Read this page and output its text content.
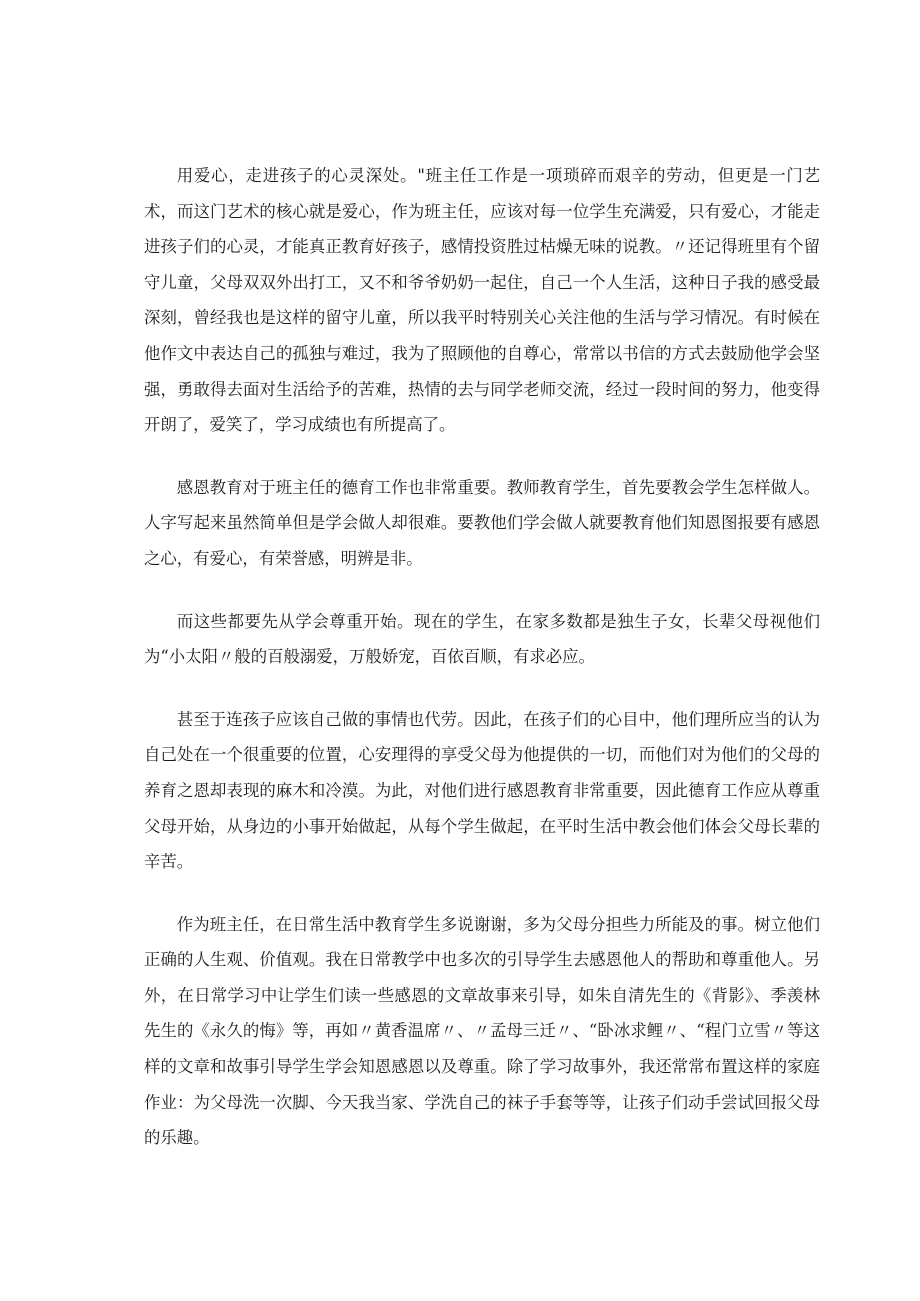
用爱心，走进孩子的心灵深处。"班主任工作是一项琐碎而艰辛的劳动，但更是一门艺术，而这门艺术的核心就是爱心，作为班主任，应该对每一位学生充满爱，只有爱心，才能走进孩子们的心灵，才能真正教育好孩子，感情投资胜过枯燥无味的说教。〃还记得班里有个留守儿童，父母双双外出打工，又不和爷爷奶奶一起住，自己一个人生活，这种日子我的感受最深刻，曾经我也是这样的留守儿童，所以我平时特别关心关注他的生活与学习情况。有时候在他作文中表达自己的孤独与难过，我为了照顾他的自尊心，常常以书信的方式去鼓励他学会坚强，勇敢得去面对生活给予的苦难，热情的去与同学老师交流，经过一段时间的努力，他变得开朗了，爱笑了，学习成绩也有所提高了。

感恩教育对于班主任的德育工作也非常重要。教师教育学生，首先要教会学生怎样做人。人字写起来虽然简单但是学会做人却很难。要教他们学会做人就要教育他们知恩图报要有感恩之心，有爱心，有荣誉感，明辨是非。

而这些都要先从学会尊重开始。现在的学生，在家多数都是独生子女，长辈父母视他们为“小太阳〃般的百般溺爱，万般娇宠，百依百顺，有求必应。

甚至于连孩子应该自己做的事情也代劳。因此，在孩子们的心目中，他们理所应当的认为自己处在一个很重要的位置，心安理得的享受父母为他提供的一切，而他们对为他们的父母的养育之恩却表现的麻木和冷漠。为此，对他们进行感恩教育非常重要，因此德育工作应从尊重父母开始，从身边的小事开始做起，从每个学生做起，在平时生活中教会他们体会父母长辈的辛苦。

作为班主任，在日常生活中教育学生多说谢谢，多为父母分担些力所能及的事。树立他们正确的人生观、价值观。我在日常教学中也多次的引导学生去感恩他人的帮助和尊重他人。另外，在日常学习中让学生们读一些感恩的文章故事来引导，如朱自清先生的《背影》、季羡林先生的《永久的悔》等，再如〃黄香温席〃、〃孟母三迁〃、“卧冰求鲤〃、“程门立雪〃等这样的文章和故事引导学生学会知恩感恩以及尊重。除了学习故事外，我还常常布置这样的家庭作业：为父母洗一次脚、今天我当家、学洗自己的袜子手套等等，让孩子们动手尝试回报父母的乐趣。
